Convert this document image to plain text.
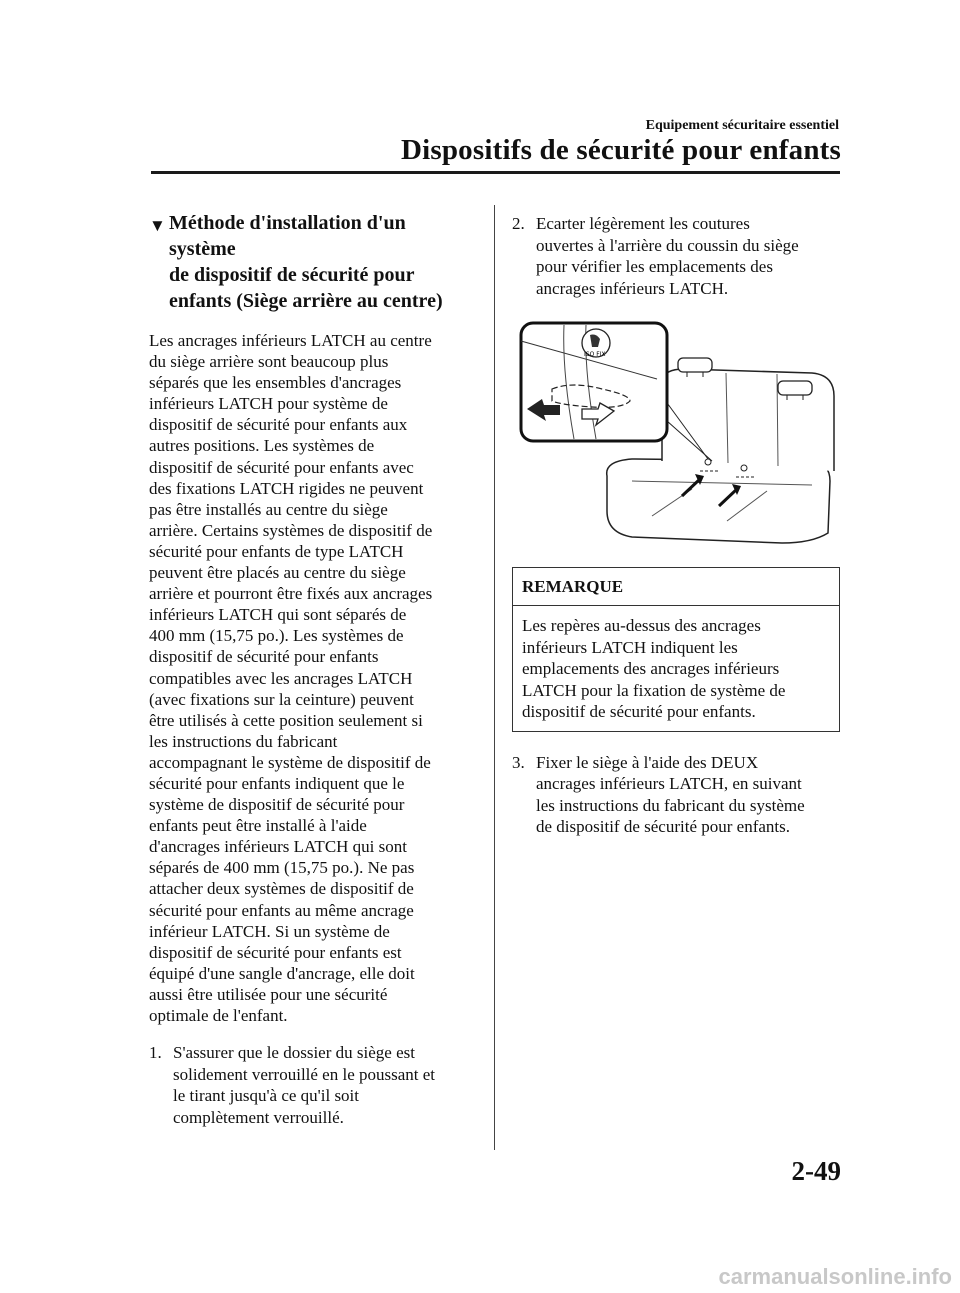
Equipement sécuritaire essentiel
Dispositifs de sécurité pour enfants
▼ Méthode d'installation d'un système
de dispositif de sécurité pour
enfants (Siège arrière au centre)
Les ancrages inférieurs LATCH au centre
du siège arrière sont beaucoup plus
séparés que les ensembles d'ancrages
inférieurs LATCH pour système de
dispositif de sécurité pour enfants aux
autres positions. Les systèmes de
dispositif de sécurité pour enfants avec
des fixations LATCH rigides ne peuvent
pas être installés au centre du siège
arrière. Certains systèmes de dispositif de
sécurité pour enfants de type LATCH
peuvent être placés au centre du siège
arrière et pourront être fixés aux ancrages
inférieurs LATCH qui sont séparés de
400 mm (15,75 po.). Les systèmes de
dispositif de sécurité pour enfants
compatibles avec les ancrages LATCH
(avec fixations sur la ceinture) peuvent
être utilisés à cette position seulement si
les instructions du fabricant
accompagnant le système de dispositif de
sécurité pour enfants indiquent que le
système de dispositif de sécurité pour
enfants peut être installé à l'aide
d'ancrages inférieurs LATCH qui sont
séparés de 400 mm (15,75 po.). Ne pas
attacher deux systèmes de dispositif de
sécurité pour enfants au même ancrage
inférieur LATCH. Si un système de
dispositif de sécurité pour enfants est
équipé d'une sangle d'ancrage, elle doit
aussi être utilisée pour une sécurité
optimale de l'enfant.
1. S'assurer que le dossier du siège est
solidement verrouillé en le poussant et
le tirant jusqu'à ce qu'il soit
complètement verrouillé.
2. Ecarter légèrement les coutures
ouvertes à l'arrière du coussin du siège
pour vérifier les emplacements des
ancrages inférieurs LATCH.
ISO FIX
REMARQUE
Les repères au-dessus des ancrages
inférieurs LATCH indiquent les
emplacements des ancrages inférieurs
LATCH pour la fixation de système de
dispositif de sécurité pour enfants.
3. Fixer le siège à l'aide des DEUX
ancrages inférieurs LATCH, en suivant
les instructions du fabricant du système
de dispositif de sécurité pour enfants.
2-49
carmanualsonline.info
